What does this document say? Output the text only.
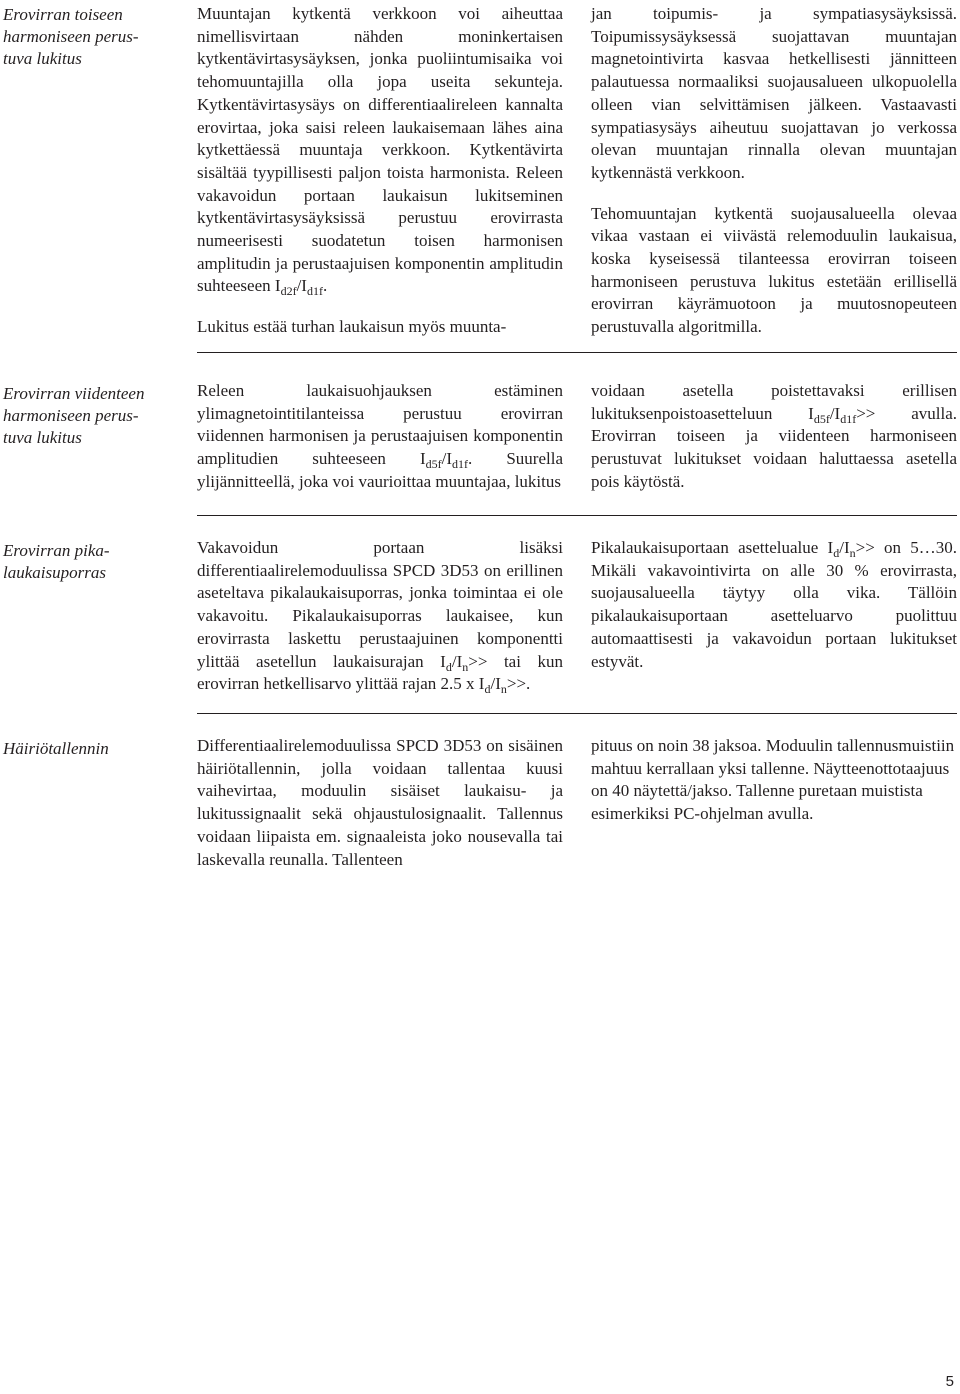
Erovirran toiseen
harmoniseen perus-
tuva lukitus

Muuntajan kytkentä verkkoon voi aiheuttaa nimellisvirtaan nähden moninkertaisen kytkentävirtasysäyksen, jonka puoliintumisaika voi tehomuuntajilla olla jopa useita sekunteja. Kytkentävirtasysäys on differentiaalireleen kannalta erovirtaa, joka saisi releen laukaisemaan lähes aina kytkettäessä muuntaja verkkoon. Kytkentävirta sisältää tyypillisesti paljon toista harmonista. Releen vakavoidun portaan laukaisun lukitseminen kytkentävirtasysäyksissä perustuu erovirrasta numeerisesti suodatetun toisen harmonisen amplitudin ja perustaajuisen komponentin amplitudin suhteeseen $I_{d2f}/I_{d1f}$.

Lukitus estää turhan laukaisun myös muunta-

jan toipumis- ja sympatiasysäyksissä. Toipumissysäyksessä suojattavan muuntajan magnetointivirta kasvaa hetkellisesti jännitteen palautuessa normaaliksi suojausalueen ulkopuolella olleen vian selvittämisen jälkeen. Vastaavasti sympatiasysäys aiheutuu suojattavan jo verkossa olevan muuntajan rinnalla olevan muuntajan kytkennästä verkkoon.

Tehomuuntajan kytkentä suojausalueella olevaa vikaa vastaan ei viivästä relemoduulin laukaisua, koska kyseisessä tilanteessa erovirran toiseen harmoniseen perustuva lukitus estetään erillisellä erovirran käyrämuotoon ja muutosnopeuteen perustuvalla algoritmilla.

Erovirran viidenteen
harmoniseen perus-
tuva lukitus

Releen laukaisuohjauksen estäminen ylimagnetointitilanteissa perustuu erovirran viidennen harmonisen ja perustaajuisen komponentin amplitudien suhteeseen $I_{d5f}/I_{d1f}$. Suurella ylijännitteellä, joka voi vaurioittaa muuntajaa, lukitus

voidaan asetella poistettavaksi erillisen lukituksenpoistoasetteluun $I_{d5f}/I_{d1f}>>$ avulla. Erovirran toiseen ja viidenteen harmoniseen perustuvat lukitukset voidaan haluttaessa asetella pois käytöstä.

Erovirran pika-
laukaisuporras

Vakavoidun portaan lisäksi differentiaalirelemoduulissa SPCD 3D53 on erillinen aseteltava pikalaukaisuporras, jonka toimintaa ei ole vakavoitu. Pikalaukaisuporras laukaisee, kun erovirrasta laskettu perustaajuinen komponentti ylittää asetellun laukaisurajan $I_d/I_n>>$ tai kun erovirran hetkellisarvo ylittää rajan 2.5 x $I_d/I_n>>$.

Pikalaukaisuportaan asettelualue $I_d/I_n>>$ on 5…30. Mikäli vakavointivirta on alle 30 % erovirrasta, suojausalueella täytyy olla vika. Tällöin pikalaukaisuportaan asetteluarvo puolittuu automaattisesti ja vakavoidun portaan lukitukset estyvät.

Häiriötallennin	Differentiaalirelemoduulissa SPCD 3D53 on sisäinen häiriötallennin, jolla voidaan tallentaa kuusi vaihevirtaa, moduulin sisäiset laukaisu- ja lukitussignaalit sekä ohjaustulosignaalit. Tallennus voidaan liipaista em. signaaleista joko nousevalla tai laskevalla reunalla. Tallenteen

pituus on noin 38 jaksoa. Moduulin tallennusmuistiin mahtuu kerrallaan yksi tallenne. Näytteenottotaajuus on 40 näytettä/jakso. Tallenne puretaan muistista esimerkiksi PC-ohjelman avulla.

5
